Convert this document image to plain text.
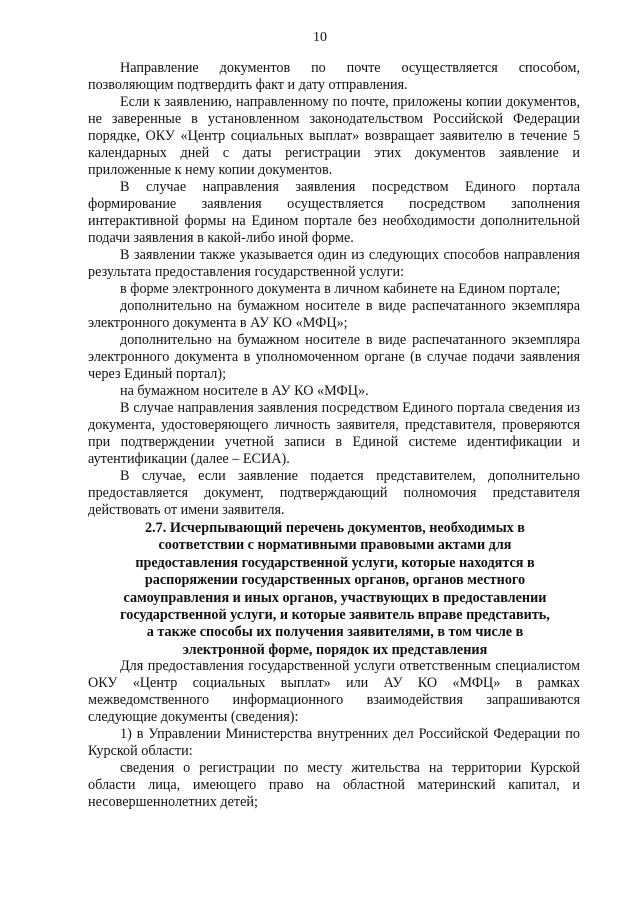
10

Направление документов по почте осуществляется способом, позволяющим подтвердить факт и дату отправления.

Если к заявлению, направленному по почте, приложены копии документов, не заверенные в установленном законодательством Российской Федерации порядке, ОКУ «Центр социальных выплат» возвращает заявителю в течение 5 календарных дней с даты регистрации этих документов заявление и приложенные к нему копии документов.

В случае направления заявления посредством Единого портала формирование заявления осуществляется посредством заполнения интерактивной формы на Едином портале без необходимости дополнительной подачи заявления в какой-либо иной форме.

В заявлении также указывается один из следующих способов направления результата предоставления государственной услуги:

в форме электронного документа в личном кабинете на Едином портале;

дополнительно на бумажном носителе в виде распечатанного экземпляра электронного документа в АУ КО «МФЦ»;

дополнительно на бумажном носителе в виде распечатанного экземпляра электронного документа в уполномоченном органе (в случае подачи заявления через Единый портал);

на бумажном носителе в АУ КО «МФЦ».

В случае направления заявления посредством Единого портала сведения из документа, удостоверяющего личность заявителя, представителя, проверяются при подтверждении учетной записи в Единой системе идентификации и аутентификации (далее – ЕСИА).

В случае, если заявление подается представителем, дополнительно предоставляется документ, подтверждающий полномочия представителя действовать от имени заявителя.

2.7. Исчерпывающий перечень документов, необходимых в соответствии с нормативными правовыми актами для предоставления государственной услуги, которые находятся в распоряжении государственных органов, органов местного самоуправления и иных органов, участвующих в предоставлении государственной услуги, и которые заявитель вправе представить, а также способы их получения заявителями, в том числе в электронной форме, порядок их представления

Для предоставления государственной услуги ответственным специалистом ОКУ «Центр социальных выплат» или АУ КО «МФЦ» в рамках межведомственного информационного взаимодействия запрашиваются следующие документы (сведения):

1) в Управлении Министерства внутренних дел Российской Федерации по Курской области:

сведения о регистрации по месту жительства на территории Курской области лица, имеющего право на областной материнский капитал, и несовершеннолетних детей;
